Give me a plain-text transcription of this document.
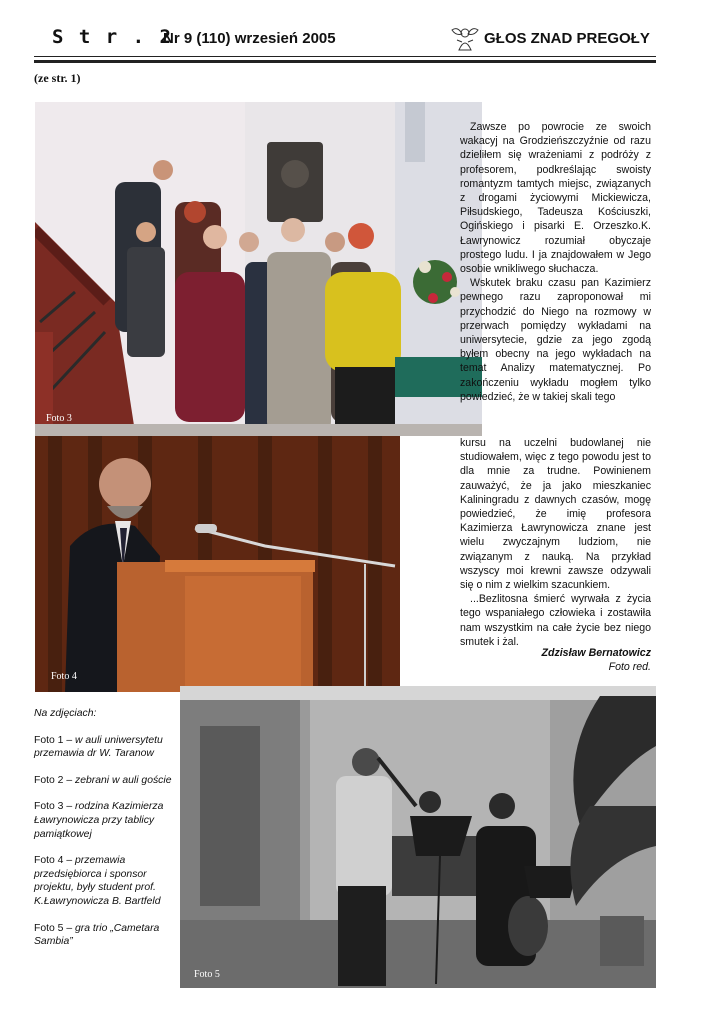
S t r . 2
Nr 9 (110) wrzesień 2005	GŁOS ZNAD PREGOŁY
(ze str. 1)
Foto 3
Foto 4
Foto 5

Zawsze po powrocie ze swoich wakacyj na Grodzieńszczyźnie od razu dzieliłem się wrażeniami z podróży z profesorem, podkreślając swoisty romantyzm tamtych miejsc, związanych z drogami życiowymi Mickiewicza, Piłsudskiego, Tadeusza Kościuszki, Ogińskiego i pisarki E. Orzeszko.K. Ławrynowicz rozumiał obyczaje prostego ludu. I ja znajdowałem w Jego osobie wnikliwego słuchacza.

Wskutek braku czasu pan Kazimierz pewnego razu zaproponował mi przychodzić do Niego na rozmowy w przerwach pomiędzy wykładami na uniwersytecie, gdzie za jego zgodą byłem obecny na jego wykładach na temat Analizy matematycznej. Po zakończeniu wykładu mogłem tylko powiedzieć, że w takiej skali tego

kursu na uczelni budowlanej nie studiowałem, więc z tego powodu jest to dla mnie za trudne. Powinienem zauważyć, że ja jako mieszkaniec Kaliningradu z dawnych czasów, mogę powiedzieć, że imię profesora Kazimierza Ławrynowicza znane jest wielu zwyczajnym ludziom, nie związanym z nauką. Na przykład wszyscy moi krewni zawsze odzywali się o nim z wielkim szacunkiem.

...Bezlitosna śmierć wyrwała z życia tego wspaniałego człowieka i zostawiła nam wszystkim na całe życie bez niego smutek i żal.

Zdzisław Bernatowicz
Foto red.
Na zdjęciach:
Foto 1 – w auli uniwersytetu przemawia dr W. Taranow
Foto 2 – zebrani w auli goście
Foto 3 – rodzina Kazimierza Ławrynowicza przy tablicy pamiątkowej
Foto 4 – przemawia przedsiębiorca i sponsor projektu, były student prof. K.Ławrynowicza B. Bartfeld
Foto 5 – gra trio „Cametara Sambia”
